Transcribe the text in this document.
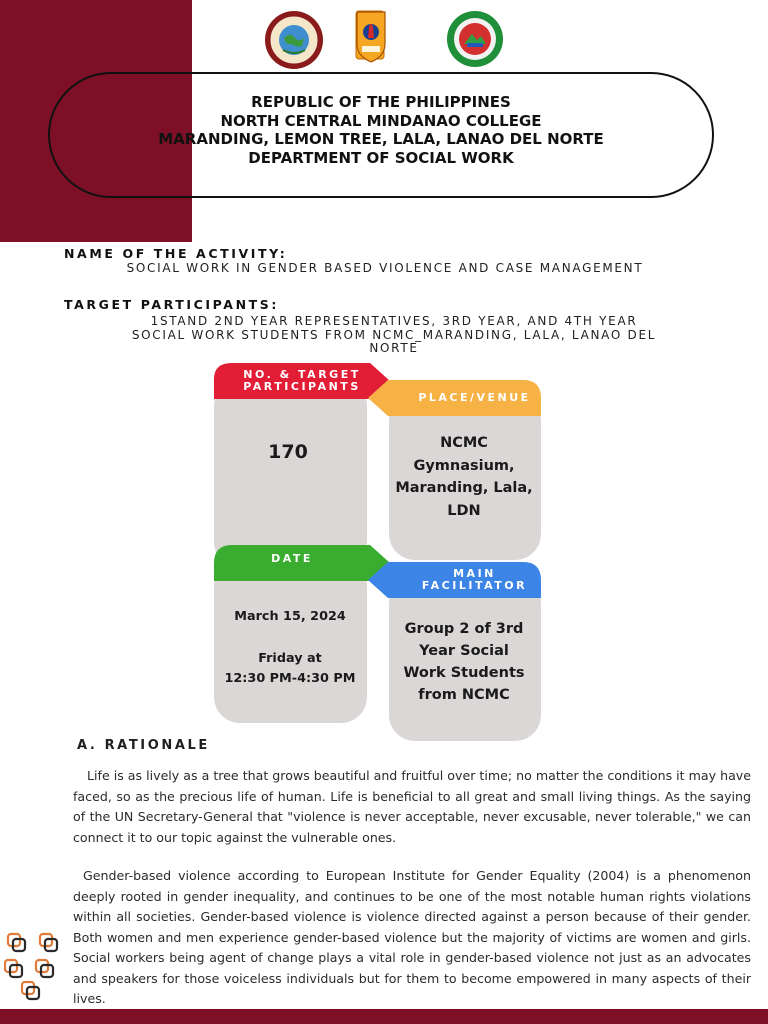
REPUBLIC OF THE PHILIPPINES
NORTH CENTRAL MINDANAO COLLEGE
MARANDING, LEMON TREE, LALA, LANAO DEL NORTE
DEPARTMENT OF SOCIAL WORK
NAME OF THE ACTIVITY:
SOCIAL WORK IN GENDER BASED VIOLENCE AND CASE MANAGEMENT
TARGET PARTICIPANTS:
1STAND 2ND YEAR REPRESENTATIVES, 3RD YEAR, AND 4TH YEAR
SOCIAL WORK STUDENTS FROM NCMC_MARANDING, LALA, LANAO DEL
NORTE
NO. & TARGET
PARTICIPANTS
170
PLACE/VENUE
NCMC
Gymnasium,
Maranding, Lala,
LDN
DATE
March 15, 2024
Friday at
12:30 PM-4:30 PM
MAIN
FACILITATOR
Group 2 of 3rd
Year Social
Work Students
from NCMC
A. RATIONALE
Life is as lively as a tree that grows beautiful and fruitful over time; no matter the conditions it may have faced, so as the precious life of human. Life is beneficial to all great and small living things. As the saying of the UN Secretary-General that "violence is never acceptable, never excusable, never tolerable," we can connect it to our topic against the vulnerable ones.
Gender-based violence according to European Institute for Gender Equality (2004) is a phenomenon deeply rooted in gender inequality, and continues to be one of the most notable human rights violations within all societies. Gender-based violence is violence directed against a person because of their gender. Both women and men experience gender-based violence but the majority of victims are women and girls. Social workers being agent of change plays a vital role in gender-based violence not just as an advocates and speakers for those voiceless individuals but for them to become empowered in many aspects of their lives.
